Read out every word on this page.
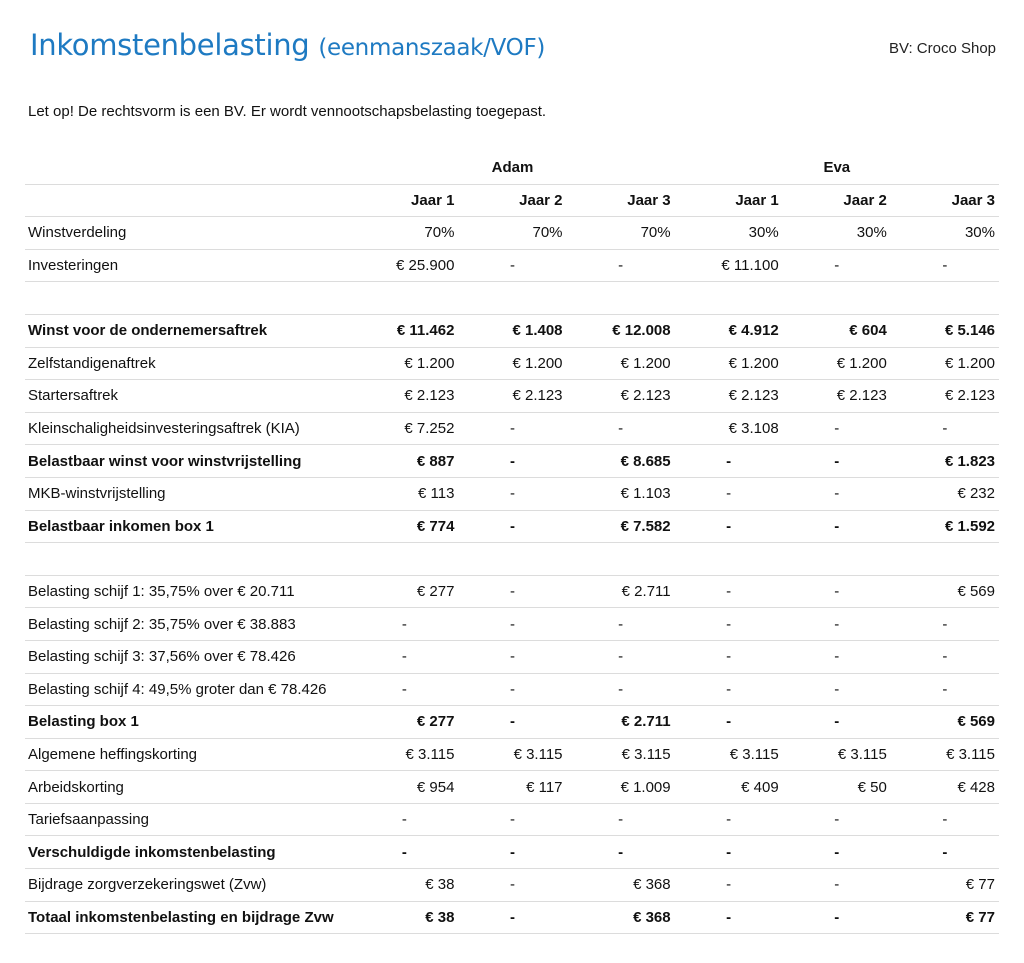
Inkomstenbelasting (eenmanszaak/VOF)	BV: Croco Shop
Let op! De rechtsvorm is een BV. Er wordt vennootschapsbelasting toegepast.
	Adam			Eva		
	Jaar 1	Jaar 2	Jaar 3	Jaar 1	Jaar 2	Jaar 3
Winstverdeling	70%	70%	70%	30%	30%	30%
Investeringen	€ 25.900	-	-	€ 11.100	-	-

Winst voor de ondernemersaftrek	€ 11.462	€ 1.408	€ 12.008	€ 4.912	€ 604	€ 5.146
Zelfstandigenaftrek	€ 1.200	€ 1.200	€ 1.200	€ 1.200	€ 1.200	€ 1.200
Startersaftrek	€ 2.123	€ 2.123	€ 2.123	€ 2.123	€ 2.123	€ 2.123
Kleinschaligheidsinvesteringsaftrek (KIA)	€ 7.252	-	-	€ 3.108	-	-
Belastbaar winst voor winstvrijstelling	€ 887	-	€ 8.685	-	-	€ 1.823
MKB-winstvrijstelling	€ 113	-	€ 1.103	-	-	€ 232
Belastbaar inkomen box 1	€ 774	-	€ 7.582	-	-	€ 1.592

Belasting schijf 1: 35,75% over € 20.711	€ 277	-	€ 2.711	-	-	€ 569
Belasting schijf 2: 35,75% over € 38.883	-	-	-	-	-	-
Belasting schijf 3: 37,56% over € 78.426	-	-	-	-	-	-
Belasting schijf 4: 49,5% groter dan € 78.426	-	-	-	-	-	-
Belasting box 1	€ 277	-	€ 2.711	-	-	€ 569
Algemene heffingskorting	€ 3.115	€ 3.115	€ 3.115	€ 3.115	€ 3.115	€ 3.115
Arbeidskorting	€ 954	€ 117	€ 1.009	€ 409	€ 50	€ 428
Tariefsaanpassing	-	-	-	-	-	-
Verschuldigde inkomstenbelasting	-	-	-	-	-	-
Bijdrage zorgverzekeringswet (Zvw)	€ 38	-	€ 368	-	-	€ 77
Totaal inkomstenbelasting en bijdrage Zvw	€ 38	-	€ 368	-	-	€ 77
